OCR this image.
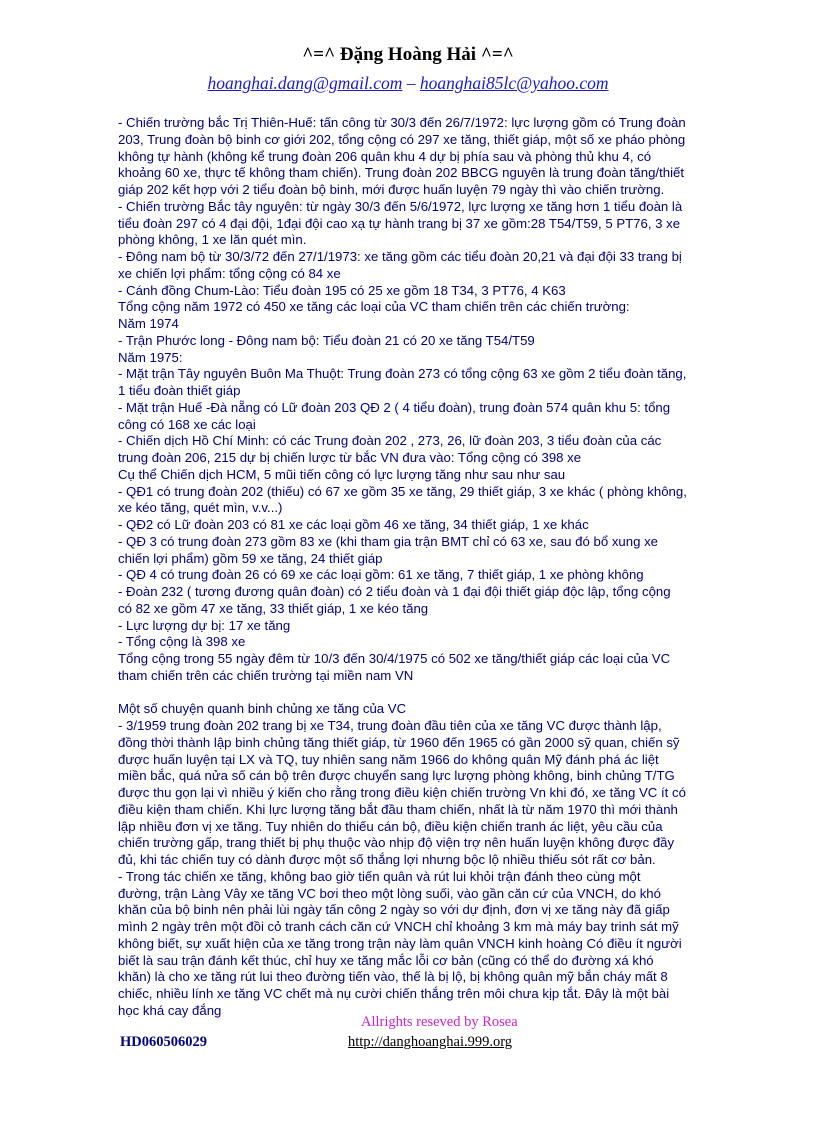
^=^ Đặng Hoàng Hải ^=^
hoanghai.dang@gmail.com – hoanghai85lc@yahoo.com
- Chiến trường bắc Trị Thiên-Huế: tấn công từ 30/3 đến 26/7/1972: lực lượng gồm có Trung đoàn
203, Trung đoàn bộ binh cơ giới 202, tổng cộng có 297 xe tăng, thiết giáp, một số xe pháo phòng
không tự hành (không kể trung đoàn 206 quân khu 4 dự bị phía sau và phòng thủ khu 4, có
khoảng 60 xe, thực tế không tham chiến). Trung đoàn 202 BBCG nguyên là trung đoàn tăng/thiết
giáp 202 kết hợp với 2 tiểu đoàn bộ binh, mới được huấn luyện 79 ngày thì vào chiến trường.
- Chiến trường Bắc tây nguyên: từ ngày 30/3 đến 5/6/1972, lực lượng xe tăng hơn 1 tiểu đoàn là
tiểu đoàn 297 có 4 đại đội, 1đại đội cao xạ tự hành trang bị 37 xe gồm:28 T54/T59, 5 PT76, 3 xe
phòng không, 1 xe lăn quét mìn.
- Đông nam bộ từ 30/3/72 đến 27/1/1973: xe tăng gồm các tiểu đoàn 20,21 và đại đội 33 trang bị
xe chiến lợi phẩm: tổng cộng có 84 xe
- Cánh đồng Chum-Lào: Tiểu đoàn 195 có 25 xe gồm 18 T34, 3 PT76, 4 K63
Tổng cộng năm 1972 có 450 xe tăng các loại của VC tham chiến trên các chiến trường:
Năm 1974
- Trận Phước long - Đông nam bộ: Tiểu đoàn 21 có 20 xe tăng T54/T59
Năm 1975:
- Mặt trận Tây nguyên Buôn Ma Thuột: Trung đoàn 273 có tổng cộng 63 xe gồm 2 tiểu đoàn tăng,
1 tiểu đoàn thiết giáp
- Mặt trận Huế -Đà nẵng có Lữ đoàn 203 QĐ 2 ( 4 tiểu đoàn), trung đoàn 574 quân khu 5: tổng
công có 168 xe các loại
- Chiến dịch Hồ Chí Minh: có các Trung đoàn 202 , 273, 26, lữ đoàn 203, 3 tiểu đoàn của các
trung đoàn 206, 215 dự bị chiến lược từ bắc VN đưa vào: Tổng cộng có 398 xe
Cụ thể Chiến dịch HCM, 5 mũi tiến công có lực lượng tăng như sau như sau
- QĐ1 có trung đoàn 202 (thiếu) có 67 xe gồm 35 xe tăng, 29 thiết giáp, 3 xe khác ( phòng không,
xe kéo tăng, quét mìn, v.v...)
- QĐ2 có Lữ đoàn 203 có 81 xe các loại gồm 46 xe tăng, 34 thiết giáp, 1 xe khác
- QĐ 3 có trung đoàn 273 gồm 83 xe (khi tham gia trận BMT chỉ có 63 xe, sau đó bổ xung xe
chiến lợi phẩm) gồm 59 xe tăng, 24 thiết giáp
- QĐ 4 có trung đoàn 26 có 69 xe các loại gồm: 61 xe tăng, 7 thiết giáp, 1 xe phòng không
- Đoàn 232 ( tương đương quân đoàn) có 2 tiểu đoàn và 1 đại đội thiết giáp độc lập, tổng cộng
có 82 xe gồm 47 xe tăng, 33 thiết giáp, 1 xe kéo tăng
- Lực lượng dự bị: 17 xe tăng
- Tổng cộng là 398 xe
Tổng cộng trong 55 ngày đêm từ 10/3 đến 30/4/1975 có 502 xe tăng/thiết giáp các loại của VC
tham chiến trên các chiến trường tại miền nam VN
Một số chuyện quanh binh chủng xe tăng của VC
- 3/1959 trung đoàn 202 trang bị xe T34, trung đoàn đầu tiên của xe tăng VC được thành lập,
đồng thời thành lập binh chủng tăng thiết giáp, từ 1960 đến 1965 có gần 2000 sỹ quan, chiến sỹ
được huấn luyện tại LX và TQ, tuy nhiên sang năm 1966 do không quân Mỹ đánh phá ác liệt
miền bắc, quá nửa số cán bộ trên được chuyển sang lực lượng phòng không, binh chủng T/TG
được thu gọn lại vì nhiều ý kiến cho rằng trong điều kiện chiến trường Vn khi đó, xe tăng VC ít có
điều kiện tham chiến. Khi lực lượng tăng bắt đầu tham chiến, nhất là từ năm 1970 thì mới thành
lập nhiều đơn vị xe tăng. Tuy nhiên do thiếu cán bộ, điều kiện chiến tranh ác liệt, yêu cầu của
chiến trường gấp, trang thiết bị phụ thuộc vào nhịp độ viện trợ nên huấn luyện không được đầy
đủ, khi tác chiến tuy có dành được một số thắng lợi nhưng bộc lộ nhiều thiếu sót rất cơ bản.
- Trong tác chiến xe tăng, không bao giờ tiến quân và rút lui khỏi trận đánh theo cùng một
đường, trận Làng Vây xe tăng VC bơi theo một lòng suối, vào gần căn cứ của VNCH, do khó
khăn của bộ binh nên phải lùi ngày tấn công 2 ngày so với dự định, đơn vị xe tăng này đã giấp
mình 2 ngày trên một đồi cỏ tranh cách căn cứ VNCH chỉ khoảng 3 km mà máy bay trinh sát mỹ
không biết, sự xuất hiện của xe tăng trong trận này làm quân VNCH kinh hoàng Có điều ít người
biết là sau trận đánh kết thúc, chỉ huy xe tăng mắc lỗi cơ bản (cũng có thể do đường xá khó
khăn) là cho xe tăng rút lui theo đường tiến vào, thế là bị lộ, bị không quân mỹ bắn cháy mất 8
chiếc, nhiều lính xe tăng VC chết mà nụ cười chiến thắng trên môi chưa kịp tắt. Đây là một bài
học khá cay đắng
Allrights reseved by Rosea
HD060506029	http://danghoanghai.999.org
